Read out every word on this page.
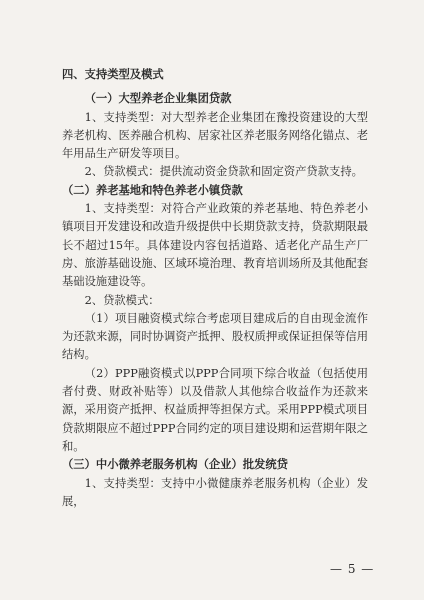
四、支持类型及模式

（一）大型养老企业集团贷款

1、支持类型：对大型养老企业集团在豫投资建设的大型养老机构、医养融合机构、居家社区养老服务网络化锚点、老年用品生产研发等项目。

2、贷款模式：提供流动资金贷款和固定资产贷款支持。

（二）养老基地和特色养老小镇贷款

1、支持类型：对符合产业政策的养老基地、特色养老小镇项目开发建设和改造升级提供中长期贷款支持，贷款期限最长不超过15年。具体建设内容包括道路、适老化产品生产厂房、旅游基础设施、区域环境治理、教育培训场所及其他配套基础设施建设等。

2、贷款模式：

（1）项目融资模式综合考虑项目建成后的自由现金流作为还款来源，同时协调资产抵押、股权质押或保证担保等信用结构。

（2）PPP融资模式以PPP合同项下综合收益（包括使用者付费、财政补贴等）以及借款人其他综合收益作为还款来源，采用资产抵押、权益质押等担保方式。采用PPP模式项目贷款期限应不超过PPP合同约定的项目建设期和运营期年限之和。

（三）中小微养老服务机构（企业）批发统贷

1、支持类型：支持中小微健康养老服务机构（企业）发展，

— 5 —
